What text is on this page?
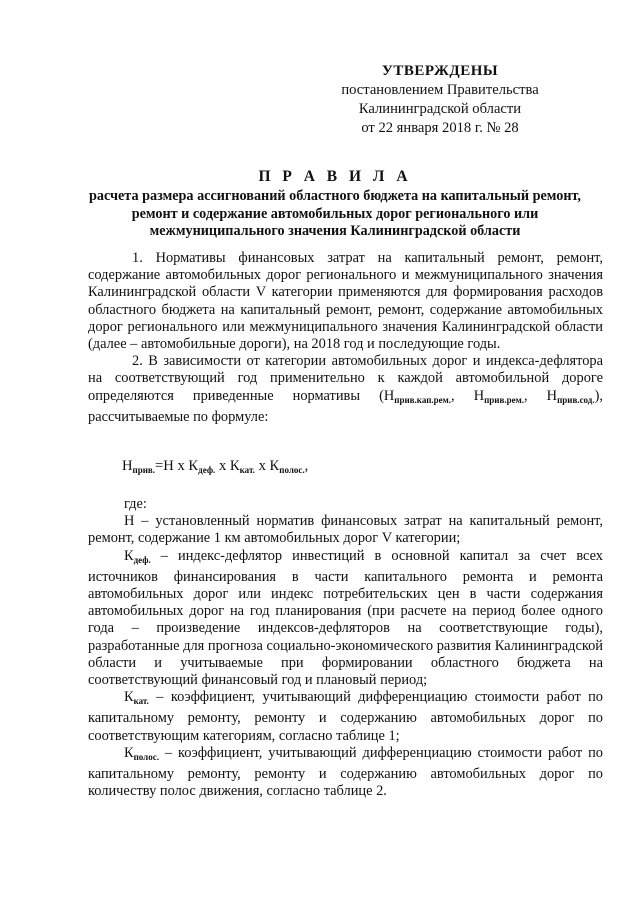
УТВЕРЖДЕНЫ
постановлением Правительства
Калининградской области
от 22 января 2018 г. № 28
П Р А В И Л А
расчета размера ассигнований областного бюджета на капитальный ремонт, ремонт и содержание автомобильных дорог регионального или межмуниципального значения Калининградской области

1. Нормативы финансовых затрат на капитальный ремонт, ремонт, содержание автомобильных дорог регионального и межмуниципального значения Калининградской области V категории применяются для формирования расходов областного бюджета на капитальный ремонт, ремонт, содержание автомобильных дорог регионального или межмуниципального значения Калининградской области (далее – автомобильные дороги), на 2018 год и последующие годы.

2. В зависимости от категории автомобильных дорог и индекса-дефлятора на соответствующий год применительно к каждой автомобильной дороге определяются приведенные нормативы ($Н_{прив.кап.рем.}$, $Н_{прив.рем.}$, $Н_{прив.сод.}$), рассчитываемые по формуле:

$Н_{прив.}=Н$ х $К_{деф.}$ х $К_{кат.}$ х $К_{полос.}$,

где:

Н – установленный норматив финансовых затрат на капитальный ремонт, ремонт, содержание 1 км автомобильных дорог V категории;

$К_{деф.}$ – индекс-дефлятор инвестиций в основной капитал за счет всех источников финансирования в части капитального ремонта и ремонта автомобильных дорог или индекс потребительских цен в части содержания автомобильных дорог на год планирования (при расчете на период более одного года – произведение индексов-дефляторов на соответствующие годы), разработанные для прогноза социально-экономического развития Калининградской области и учитываемые при формировании областного бюджета на соответствующий финансовый год и плановый период;

$К_{кат.}$ – коэффициент, учитывающий дифференциацию стоимости работ по капитальному ремонту, ремонту и содержанию автомобильных дорог по соответствующим категориям, согласно таблице 1;

$К_{полос.}$ – коэффициент, учитывающий дифференциацию стоимости работ по капитальному ремонту, ремонту и содержанию автомобильных дорог по количеству полос движения, согласно таблице 2.
